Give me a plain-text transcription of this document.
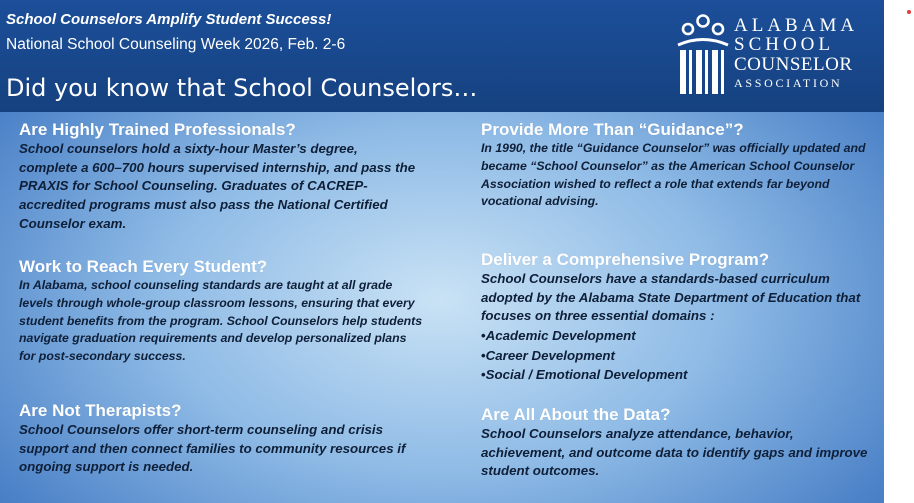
School Counselors Amplify Student Success!
National School Counseling Week 2026, Feb. 2-6
Did you know that School Counselors…
ALABAMA
SCHOOL
COUNSELOR
ASSOCIATION
Are Highly Trained Professionals?

School counselors hold a sixty-hour Master’s degree, complete a 600–700 hours supervised internship, and pass the PRAXIS for School Counseling. Graduates of CACREP-accredited programs must also pass the National Certified Counselor exam.

Work to Reach Every Student?

In Alabama, school counseling standards are taught at all grade levels through whole-group classroom lessons, ensuring that every student benefits from the program. School Counselors help students navigate graduation requirements and develop personalized plans for post-secondary success.

Are Not Therapists?

School Counselors offer short-term counseling and crisis support and then connect families to community resources if ongoing support is needed.

Provide More Than “Guidance”?

In 1990, the title “Guidance Counselor” was officially updated and became “School Counselor” as the American School Counselor Association wished to reflect a role that extends far beyond vocational advising.

Deliver a Comprehensive Program?

School Counselors have a standards-based curriculum adopted by the Alabama State Department of Education that focuses on three essential domains :

• Academic Development
• Career Development
• Social / Emotional Development
Are All About the Data?

School Counselors analyze attendance, behavior, achievement, and outcome data to identify gaps and improve student outcomes.
